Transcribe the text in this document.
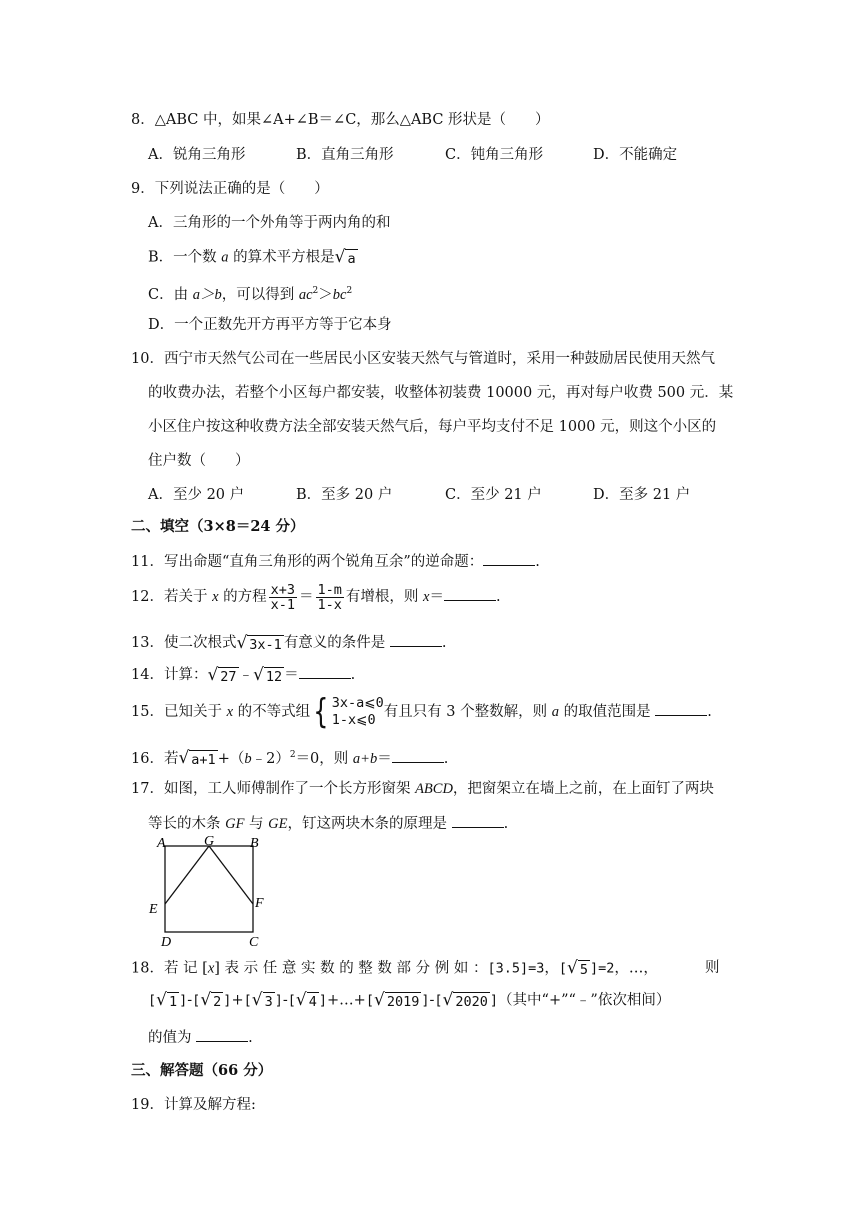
8．△ABC 中，如果∠A+∠B＝∠C，那么△ABC 形状是（　　）
A．锐角三角形	B．直角三角形	C．钝角三角形	D．不能确定
9．下列说法正确的是（　　）
A．三角形的一个外角等于两内角的和
B．一个数 a 的算术平方根是 √ a
C．由 a＞b，可以得到 $ac^2>bc^2$
D．一个正数先开方再平方等于它本身
10．西宁市天然气公司在一些居民小区安装天然气与管道时，采用一种鼓励居民使用天然气
的收费办法，若整个小区每户都安装，收整体初装费 10000 元，再对每户收费 500 元．某
小区住户按这种收费方法全部安装天然气后，每户平均支付不足 1000 元，则这个小区的
住户数（　　）
A．至少 20 户	B．至多 20 户	C．至少 21 户	D．至多 21 户
二、填空（3×8＝24 分）
11．写出命题“直角三角形的两个锐角互余”的逆命题：	.
12．若关于 x 的方程 $\frac{x+3}{x-1} = \frac{1-m}{1-x}$ 有增根，则 x＝	.
13．使二次根式 √ 3x-1 有意义的条件是	.
14．计算： √ 27 ﹣ √ 12 ＝	.
15．已知关于 x 的不等式组 { 3x-a⩽0
1-x⩽0 有且只有 3 个整数解，则 a 的取值范围是	.
16．若 √ a+1 +（b﹣2）$^2$＝0，则 a+b＝	.
17．如图，工人师傅制作了一个长方形窗架 ABCD，把窗架立在墙上之前，在上面钉了两块
等长的木条 GF 与 GE，钉这两块木条的原理是	.
A	G	B
E	F
D	C
18．若 记 [x] 表 示 任 意 实 数 的 整 数 部 分 例 如 ：[3.5]=3，[ √ 5 ]=2，…，	则
[ √ 1 ]-[ √ 2 ]+[ √ 3 ]-[ √ 4 ]+…+[ √ 2019 ]-[ √ 2020 ]（其中“+”“﹣”依次相间）
的值为	.
三、解答题（66 分）
19．计算及解方程:
